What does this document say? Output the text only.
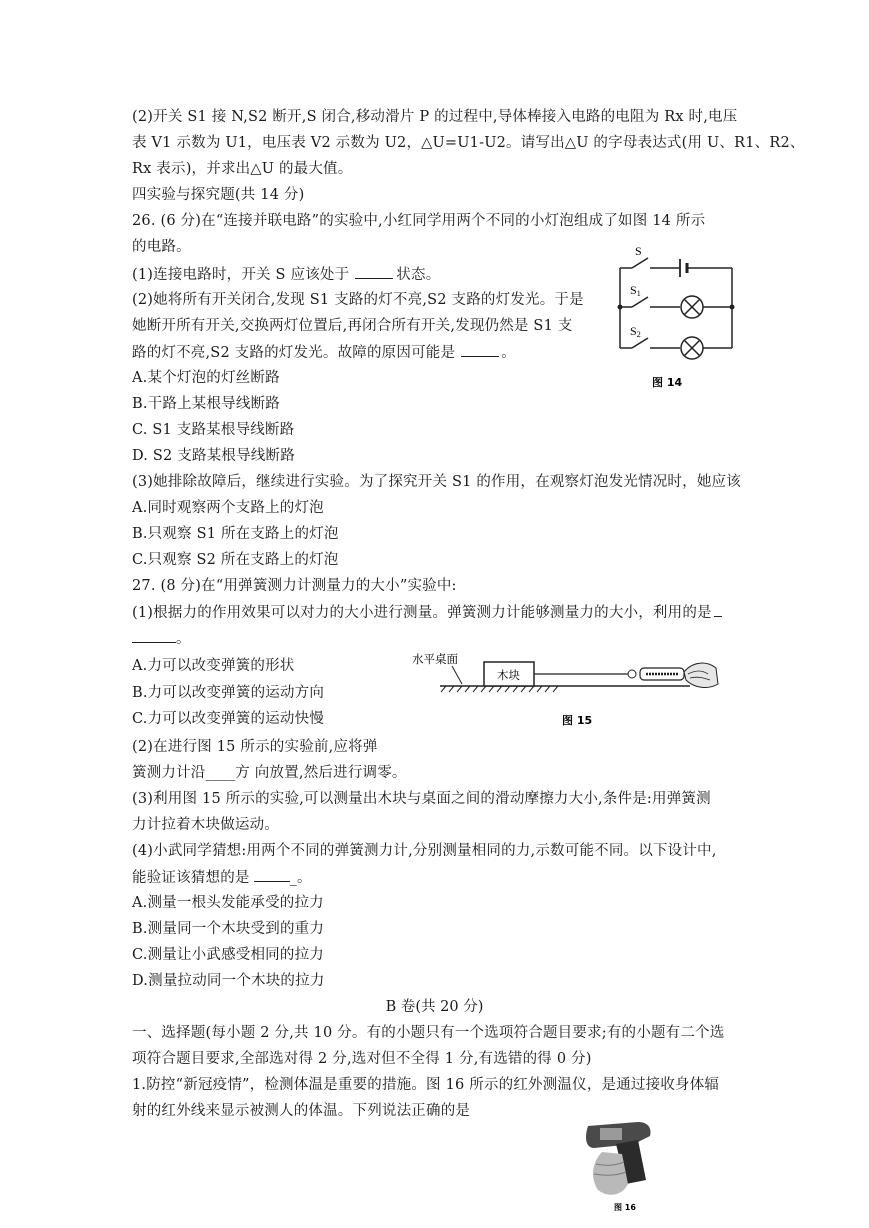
(2)开关 S1 接 N,S2 断开,S 闭合,移动滑片 P 的过程中,导体棒接入电路的电阻为 Rx 时,电压
表 V1 示数为 U1，电压表 V2 示数为 U2，△U=U1-U2。请写出△U 的字母表达式(用 U、R1、R2、
Rx 表示)，并求出△U 的最大值。
四实验与探究题(共 14 分)
26. (6 分)在“连接并联电路”的实验中,小红同学用两个不同的小灯泡组成了如图 14 所示
的电路。
(1)连接电路时，开关 S 应该处于	状态。
(2)她将所有开关闭合,发现 S1 支路的灯不亮,S2 支路的灯发光。于是
她断开所有开关,交换两灯位置后,再闭合所有开关,发现仍然是 S1 支
路的灯不亮,S2 支路的灯发光。故障的原因可能是	。
A.某个灯泡的灯丝断路
B.干路上某根导线断路
C. S1 支路某根导线断路
D. S2 支路某根导线断路
(3)她排除故障后，继续进行实验。为了探究开关 S1 的作用，在观察灯泡发光情况时，她应该
A.同时观察两个支路上的灯泡
B.只观察 S1 所在支路上的灯泡
C.只观察 S2 所在支路上的灯泡
S
S1
S2
图 14
27. (8 分)在“用弹簧测力计测量力的大小”实验中:
(1)根据力的作用效果可以对力的大小进行测量。弹簧测力计能够测量力的大小，利用的是
。
A.力可以改变弹簧的形状
B.力可以改变弹簧的运动方向
C.力可以改变弹簧的运动快慢
水平桌面
木块
图 15
(2)在进行图 15 所示的实验前,应将弹
簧测力计沿____方 向放置,然后进行调零。
(3)利用图 15 所示的实验,可以测量出木块与桌面之间的滑动摩擦力大小,条件是:用弹簧测
力计拉着木块做运动。
(4)小武同学猜想:用两个不同的弹簧测力计,分别测量相同的力,示数可能不同。以下设计中,
能验证该猜想的是	_。
A.测量一根头发能承受的拉力
B.测量同一个木块受到的重力
C.测量让小武感受相同的拉力
D.测量拉动同一个木块的拉力
B 卷(共 20 分)
一、选择题(每小题 2 分,共 10 分。有的小题只有一个选项符合题目要求;有的小题有二个选
项符合题目要求,全部选对得 2 分,选对但不全得 1 分,有选错的得 0 分)
1.防控“新冠疫情”，检测体温是重要的措施。图 16 所示的红外测温仪，是通过接收身体辐
射的红外线来显示被测人的体温。下列说法正确的是
图 16
